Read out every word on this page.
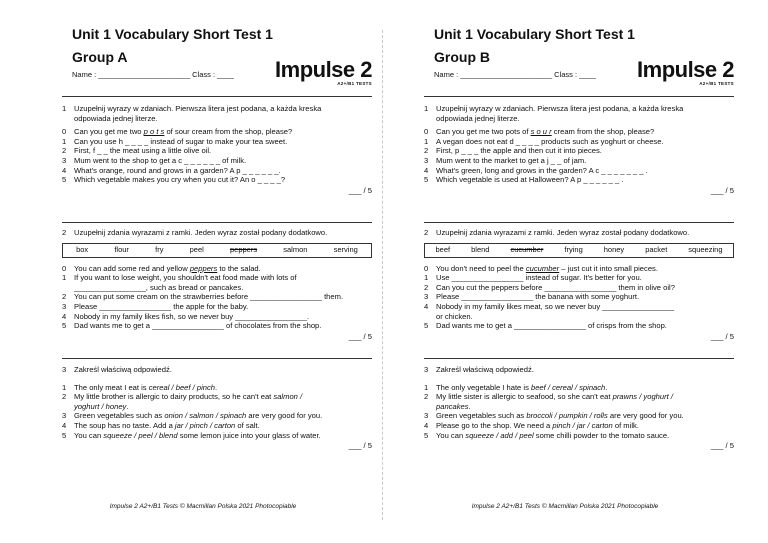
Unit 1 Vocabulary Short Test 1
Group A
Name : ______________________ Class : ____ Impulse 2
A2+/B1 TESTS
1	Uzupełnij wyrazy w zdaniach. Pierwsza litera jest podana, a każda kreska
odpowiada jednej literze.
0	Can you get me two p o t s of sour cream from the shop, please?
1	Can you use h _ _ _ _ instead of sugar to make your tea sweet.
2	First, f _ _ the meat using a little olive oil.
3	Mum went to the shop to get a c _ _ _ _ _ _ of milk.
4	What's orange, round and grows in a garden? A p _ _ _ _ _ _.
5	Which vegetable makes you cry when you cut it? An o _ _ _ _?
___ / 5
2	Uzupełnij zdania wyrazami z ramki. Jeden wyraz został podany dodatkowo.
box	flour	fry	peel	peppers	salmon	serving
0	You can add some red and yellow peppers to the salad.
1	If you want to lose weight, you shouldn't eat food made with lots of
_________________, such as bread or pancakes.
2	You can put some cream on the strawberries before _________________ them.
3	Please _________________ the apple for the baby.
4	Nobody in my family likes fish, so we never buy _________________.
5	Dad wants me to get a _________________ of chocolates from the shop.
___ / 5
3	Zakreśl właściwą odpowiedź.
1	The only meat I eat is cereal / beef / pinch.
2	My little brother is allergic to dairy products, so he can't eat salmon /
yoghurt / honey.
3	Green vegetables such as onion / salmon / spinach are very good for you.
4	The soup has no taste. Add a jar / pinch / carton of salt.
5	You can squeeze / peel / blend some lemon juice into your glass of water.
___ / 5
Impulse 2 A2+/B1 Tests © Macmillan Polska 2021 Photocopiable
Unit 1 Vocabulary Short Test 1
Group B
Name : ______________________ Class : ____ Impulse 2
A2+/B1 TESTS
1	Uzupełnij wyrazy w zdaniach. Pierwsza litera jest podana, a każda kreska
odpowiada jednej literze.
0	Can you get me two pots of s o u r cream from the shop, please?
1	A vegan does not eat d _ _ _ _ products such as yoghurt or cheese.
2	First, p _ _ _ the apple and then cut it into pieces.
3	Mum went to the market to get a j _ _ of jam.
4	What's green, long and grows in the garden? A c _ _ _ _ _ _ _ .
5	Which vegetable is used at Halloween? A p _ _ _ _ _ _ .
___ / 5
2	Uzupełnij zdania wyrazami z ramki. Jeden wyraz został podany dodatkowo.
beef	blend	cucumber	frying	honey	packet	squeezing
0	You don't need to peel the cucumber – just cut it into small pieces.
1	Use _________________ instead of sugar. It's better for you.
2	Can you cut the peppers before _________________ them in olive oil?
3	Please _________________ the banana with some yoghurt.
4	Nobody in my family likes meat, so we never buy _________________
or chicken.
5	Dad wants me to get a _________________ of crisps from the shop.
___ / 5
3	Zakreśl właściwą odpowiedź.
1	The only vegetable I hate is beef / cereal / spinach.
2	My little sister is allergic to seafood, so she can't eat prawns / yoghurt /
pancakes.
3	Green vegetables such as broccoli / pumpkin / rolls are very good for you.
4	Please go to the shop. We need a pinch / jar / carton of milk.
5	You can squeeze / add / peel some chilli powder to the tomato sauce.
___ / 5
Impulse 2 A2+/B1 Tests © Macmillan Polska 2021 Photocopiable
